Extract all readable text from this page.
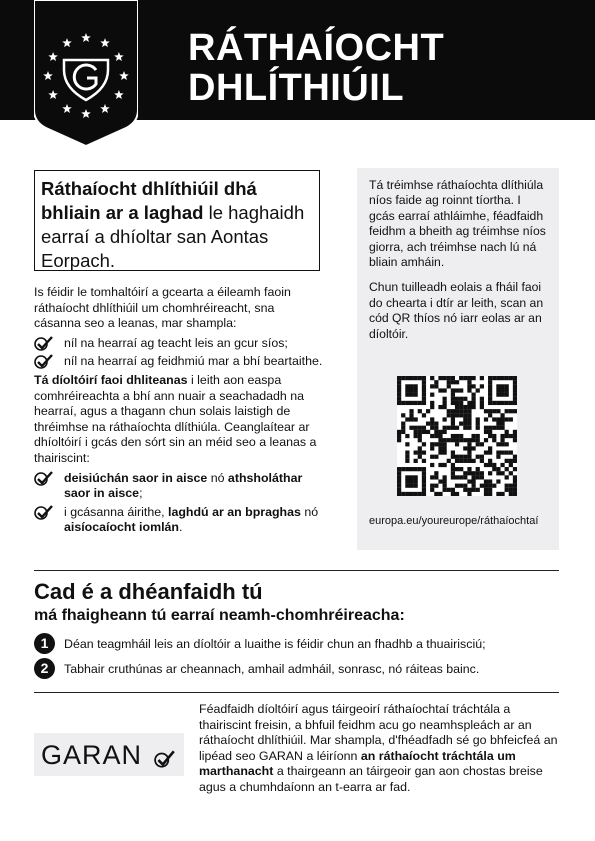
RÁTHAÍOCHT
DHLÍTHIÚIL
Ráthaíocht dhlíthiúil dhá bhliain ar a laghad le haghaidh earraí a dhíoltar san Aontas Eorpach.

Is féidir le tomhaltóirí a gcearta a éileamh faoin ráthaíocht dhlíthiúil um chomhréireacht, sna cásanna seo a leanas, mar shampla:

níl na hearraí ag teacht leis an gcur síos;
níl na hearraí ag feidhmiú mar a bhí beartaithe.

Tá díoltóirí faoi dhliteanas i leith aon easpa comhréireachta a bhí ann nuair a seachadadh na hearraí, agus a thagann chun solais laistigh de thréimhse na ráthaíochta dlíthiúla. Ceanglaítear ar dhíoltóirí i gcás den sórt sin an méid seo a leanas a thairiscint:

deisiúchán saor in aisce nó athsholáthar saor in aisce;
i gcásanna áirithe, laghdú ar an bpraghas nó aisíocaíocht iomlán.

Tá tréimhse ráthaíochta dlíthiúla níos faide ag roinnt tíortha. I gcás earraí athláimhe, féadfaidh feidhm a bheith ag tréimhse níos giorra, ach tréimhse nach lú ná bliain amháin.

Chun tuilleadh eolais a fháil faoi do chearta i dtír ar leith, scan an cód QR thíos nó iarr eolas ar an díoltóir.

europa.eu/youreurope/ráthaíochtaí
Cad é a dhéanfaidh tú
má fhaigheann tú earraí neamh-chomhréireacha:
1	Déan teagmháil leis an díoltóir a luaithe is féidir chun an fhadhb a thuairisciú;
2	Tabhair cruthúnas ar cheannach, amhail admháil, sonrasc, nó ráiteas bainc.
GARAN
Féadfaidh díoltóirí agus táirgeoirí ráthaíochtaí tráchtála a thairiscint freisin, a bhfuil feidhm acu go neamhspleách ar an ráthaíocht dhlíthiúil. Mar shampla, d'fhéadfadh sé go bhfeicfeá an lipéad seo GARAN a léiríonn an ráthaíocht tráchtála um marthanacht a thairgeann an táirgeoir gan aon chostas breise agus a chumhdaíonn an t-earra ar fad.
